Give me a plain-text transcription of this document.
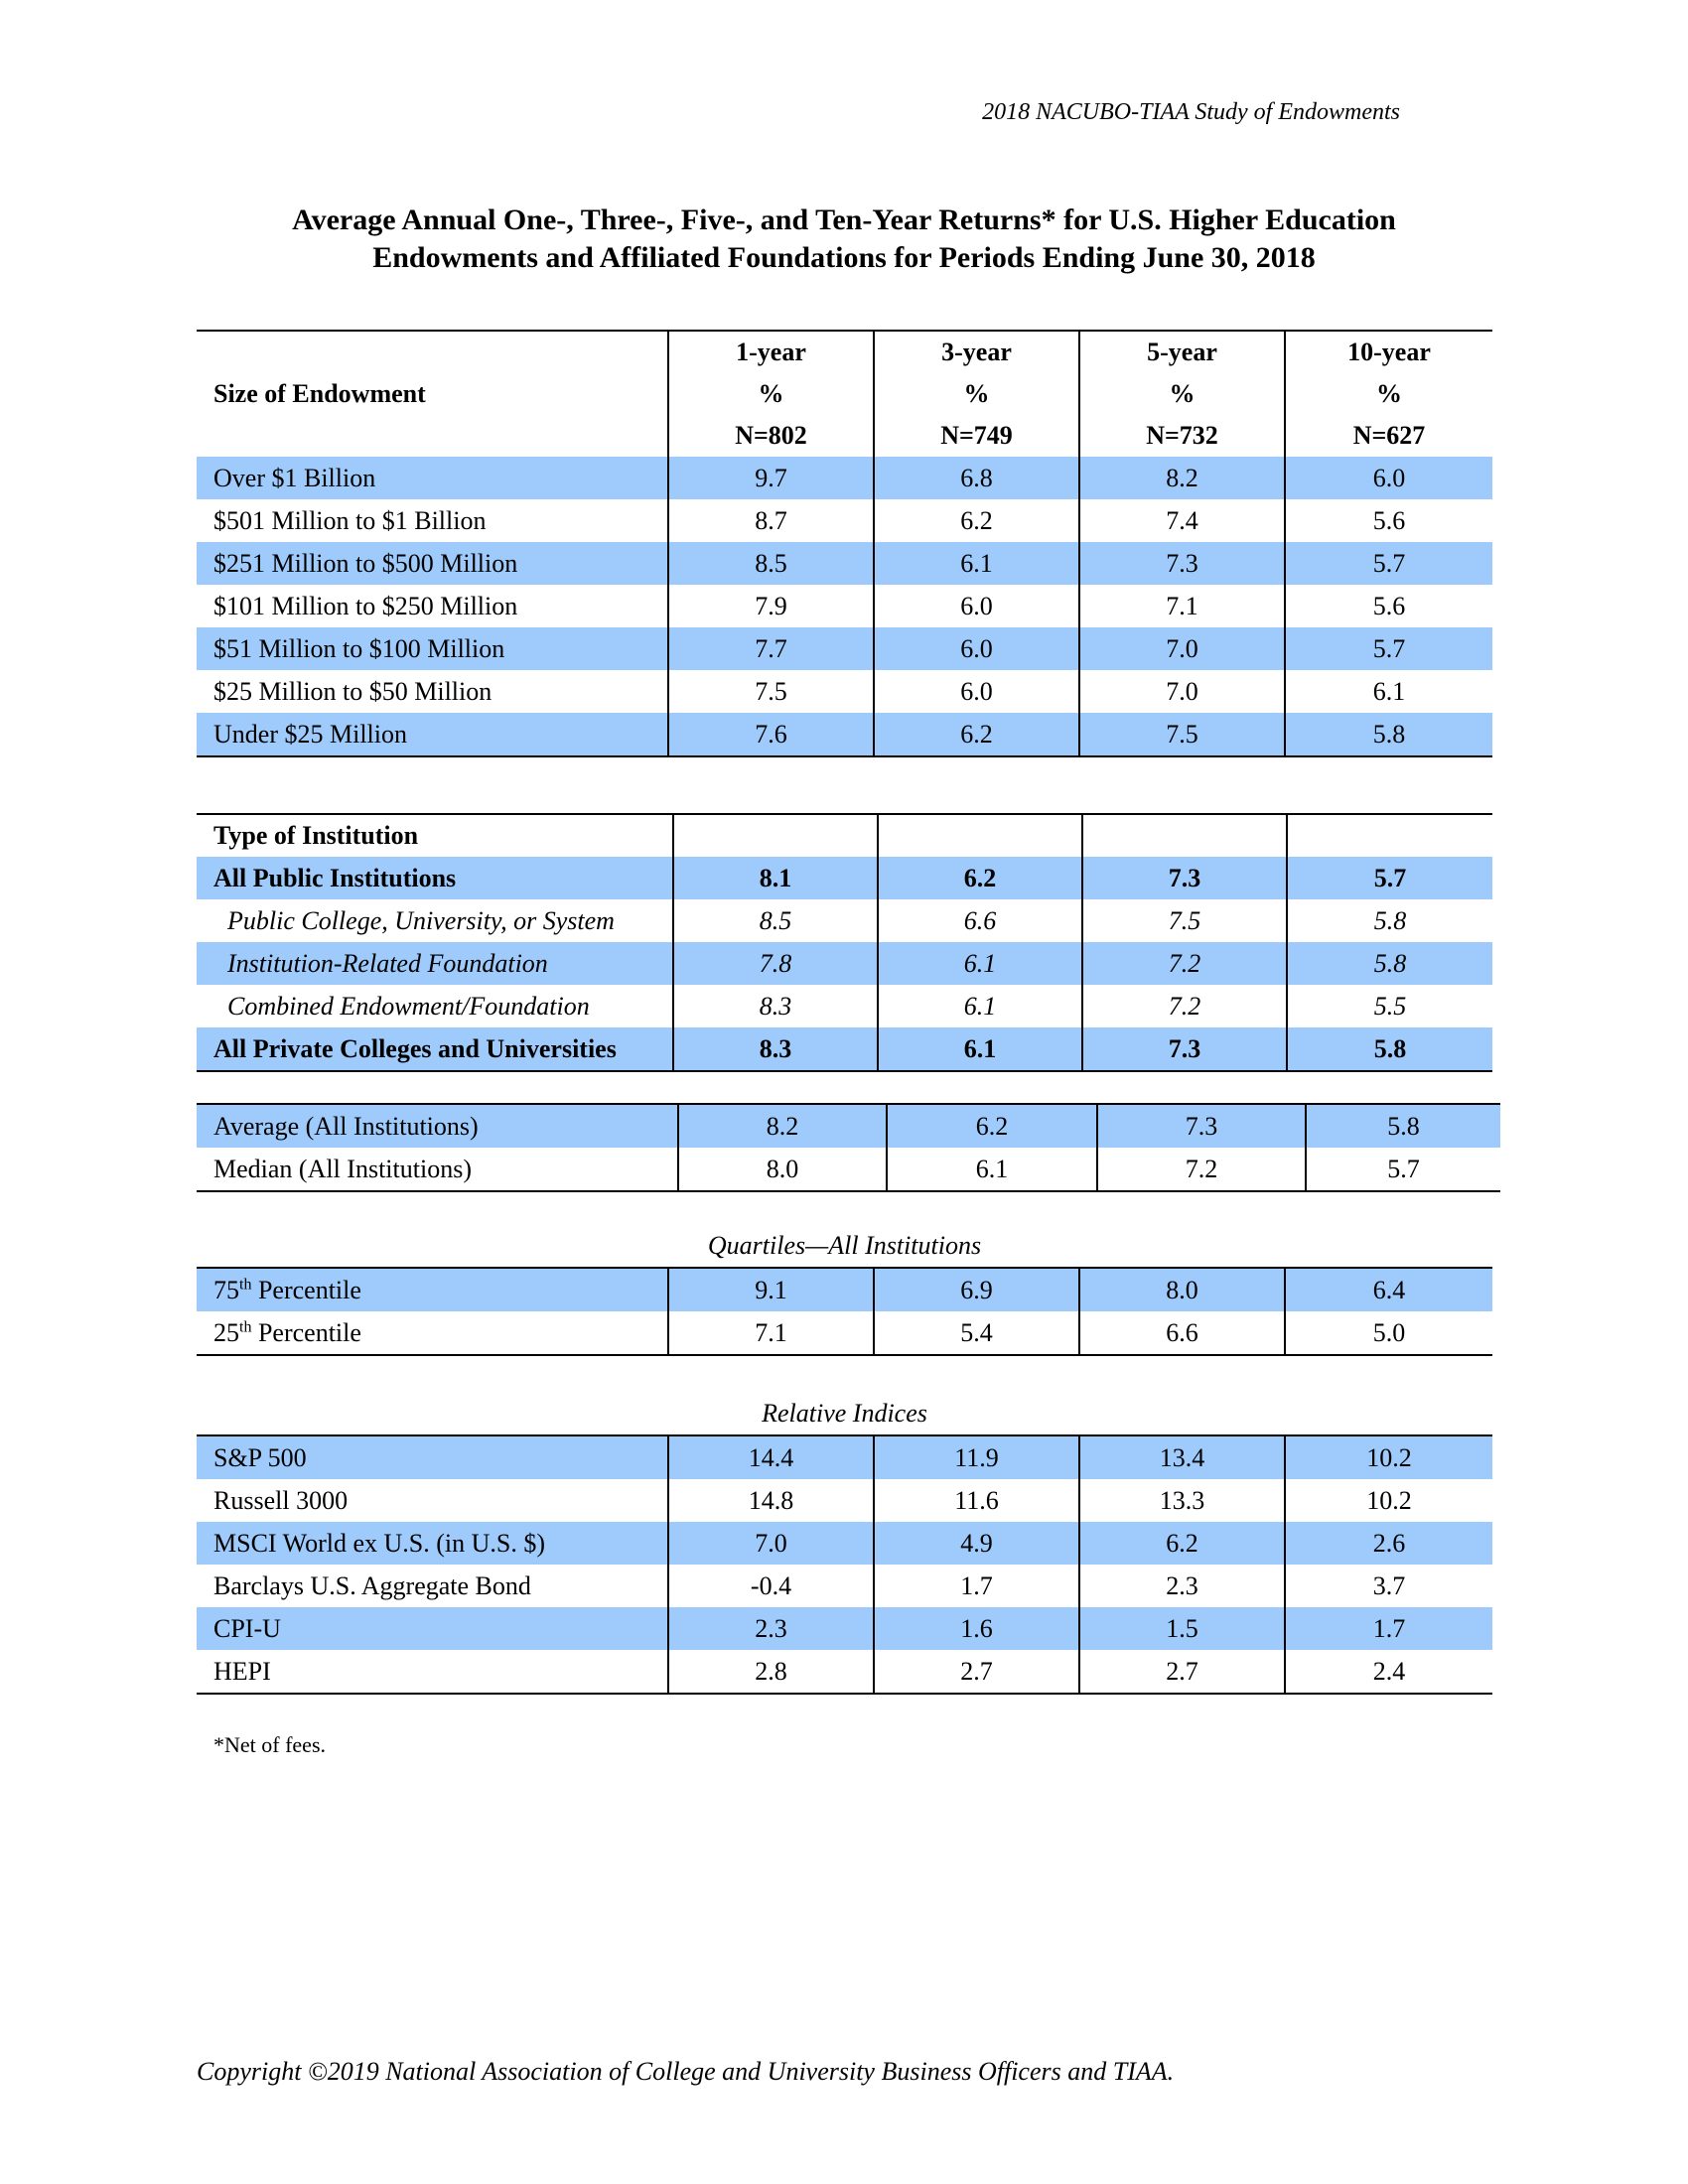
2018 NACUBO-TIAA Study of Endowments
Average Annual One-, Three-, Five-, and Ten-Year Returns* for U.S. Higher Education
Endowments and Affiliated Foundations for Periods Ending June 30, 2018
	1-year	3-year	5-year	10-year
Size of Endowment	%	%	%	%
	N=802	N=749	N=732	N=627
Over $1 Billion	9.7	6.8	8.2	6.0
$501 Million to $1 Billion	8.7	6.2	7.4	5.6
$251 Million to $500 Million	8.5	6.1	7.3	5.7
$101 Million to $250 Million	7.9	6.0	7.1	5.6
$51 Million to $100 Million	7.7	6.0	7.0	5.7
$25 Million to $50 Million	7.5	6.0	7.0	6.1
Under $25 Million	7.6	6.2	7.5	5.8
Type of Institution				
All Public Institutions	8.1	6.2	7.3	5.7
Public College, University, or System	8.5	6.6	7.5	5.8
Institution-Related Foundation	7.8	6.1	7.2	5.8
Combined Endowment/Foundation	8.3	6.1	7.2	5.5
All Private Colleges and Universities	8.3	6.1	7.3	5.8
Average (All Institutions)	8.2	6.2	7.3	5.8
Median (All Institutions)	8.0	6.1	7.2	5.7
Quartiles—All Institutions
75th Percentile	9.1	6.9	8.0	6.4
25th Percentile	7.1	5.4	6.6	5.0
Relative Indices
S&P 500	14.4	11.9	13.4	10.2
Russell 3000	14.8	11.6	13.3	10.2
MSCI World ex U.S. (in U.S. $)	7.0	4.9	6.2	2.6
Barclays U.S. Aggregate Bond	-0.4	1.7	2.3	3.7
CPI-U	2.3	1.6	1.5	1.7
HEPI	2.8	2.7	2.7	2.4
*Net of fees.
Copyright ©2019 National Association of College and University Business Officers and TIAA.
